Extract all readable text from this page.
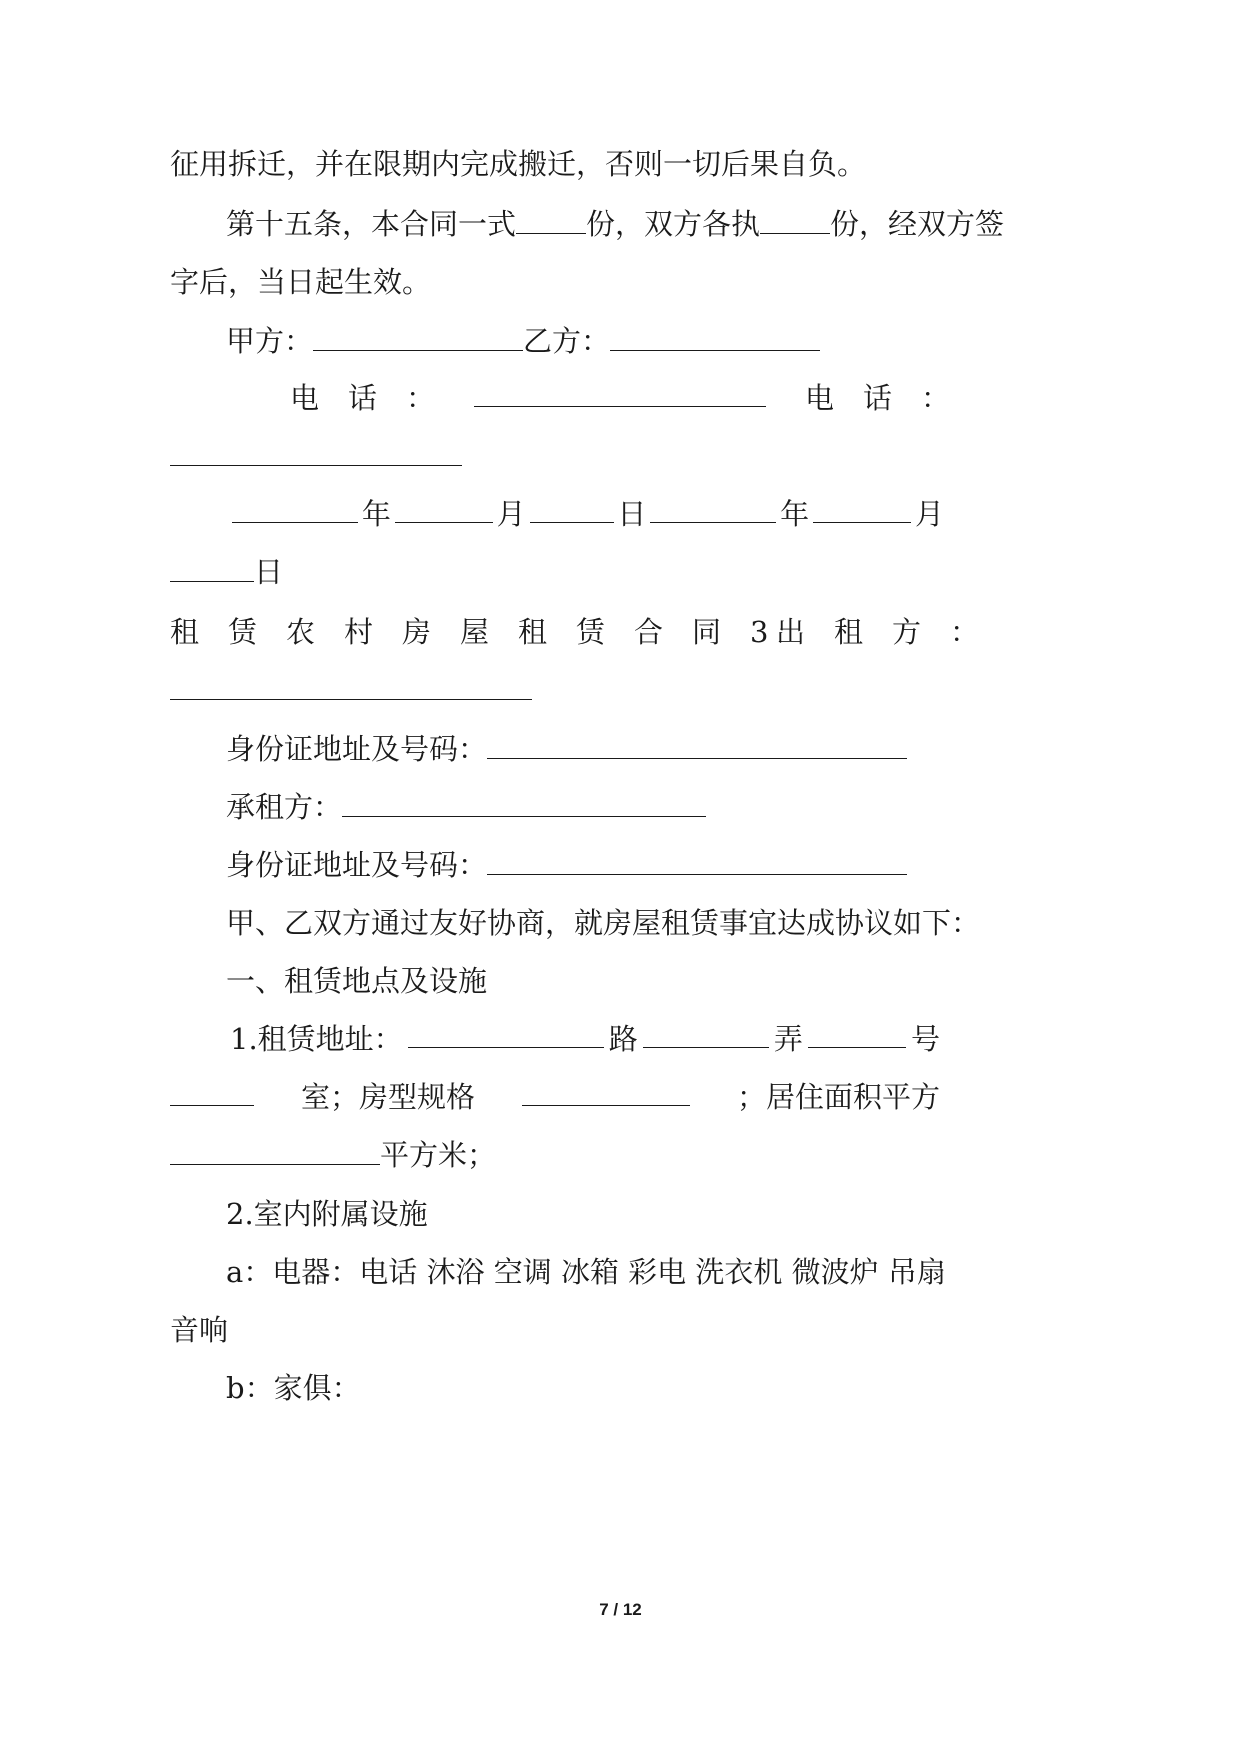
征用拆迁，并在限期内完成搬迁，否则一切后果自负。
第十五条，本合同一式 份，双方各执 份，经双方签
字后，当日起生效。
甲方：	乙方：
电　话　：	电　话　：
年	月	日	年	月
日
租　赁　农　村　房　屋　租　赁　合　同　3 出　租　方　：
身份证地址及号码：
承租方：
身份证地址及号码：
甲、乙双方通过友好协商，就房屋租赁事宜达成协议如下：
一、租赁地点及设施
1.租赁地址：	路	弄	号
室；房型规格	；居住面积平方
平方米；
2.室内附属设施
a：电器：电话 沐浴 空调 冰箱 彩电 洗衣机 微波炉 吊扇
音响
b：家俱：
7 / 12
